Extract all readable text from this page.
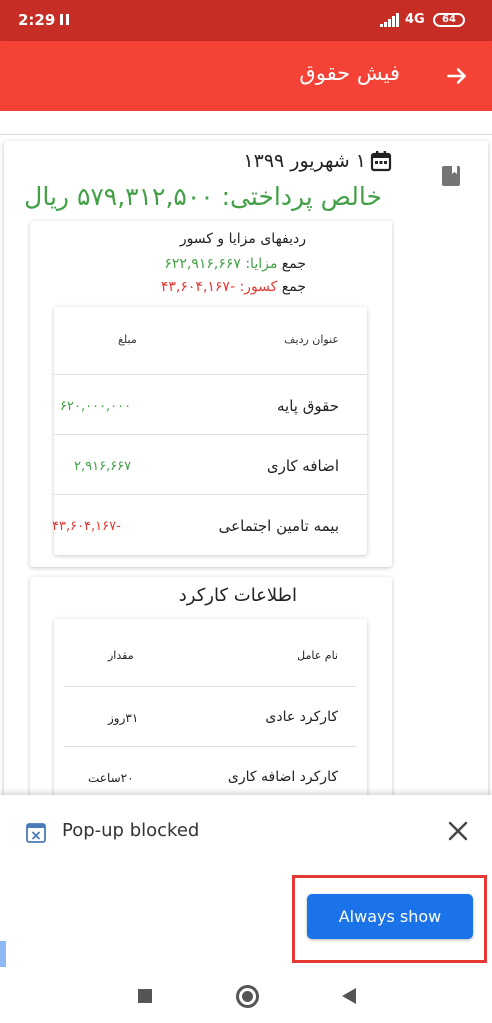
2:29	4G	64
فیش حقوق
۱ شهریور ۱۳۹۹
خالص پرداختی: ۵۷۹,۳۱۲,۵۰۰ ریال
ردیفهای مزایا و کسور
جمع مزایا: ۶۲۲,۹۱۶,۶۶۷
جمع کسور: -۴۳,۶۰۴,۱۶۷
عنوان ردیف
مبلغ
حقوق پایه
۶۲۰,۰۰۰,۰۰۰
اضافه کاری
۲,۹۱۶,۶۶۷
بیمه تامین اجتماعی
-۴۳,۶۰۴,۱۶۷
اطلاعات کارکرد
نام عامل
مقدار
کارکرد عادی
۳۱روز
کارکرد اضافه کاری
۲۰ساعت
Pop-up blocked
Always show
